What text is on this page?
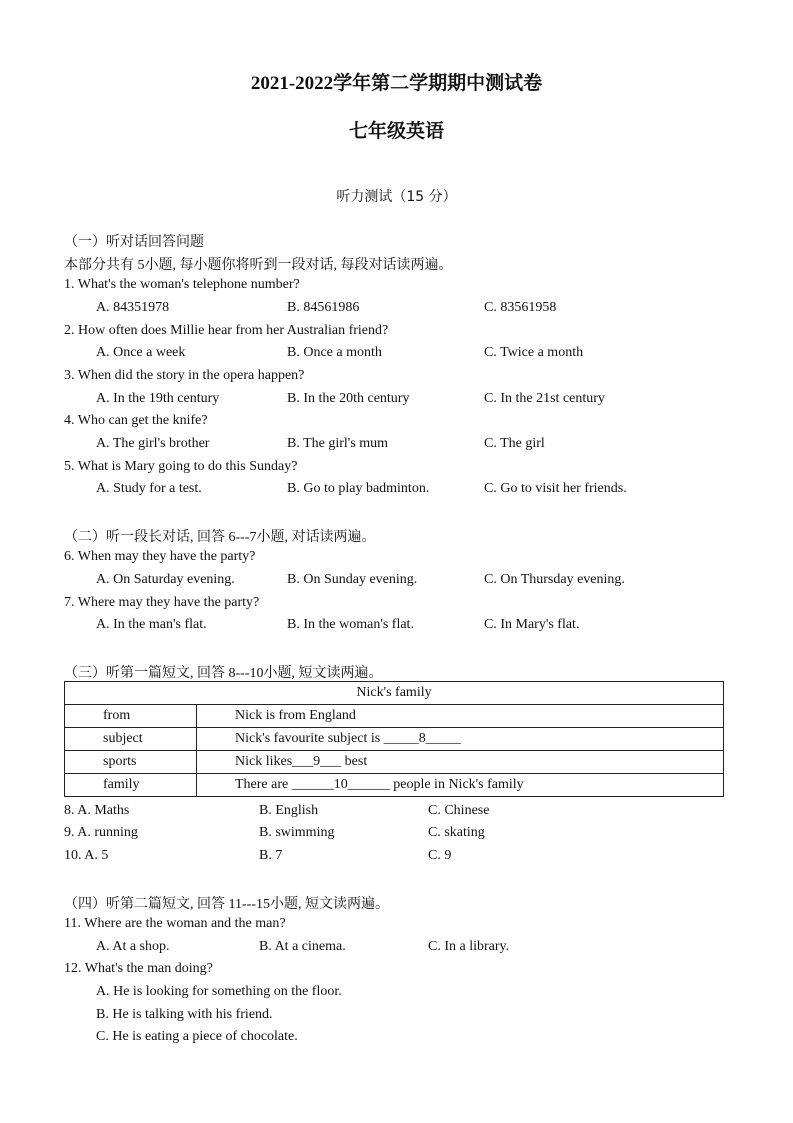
2021-2022学年第二学期期中测试卷
七年级英语
听力测试（15 分）
（一）听对话回答问题
本部分共有 5小题, 每小题你将听到一段对话, 每段对话读两遍。
1. What's the woman's telephone number?
A. 84351978	B. 84561986	C. 83561958
2. How often does Millie hear from her Australian friend?
A. Once a week	B. Once a month	C. Twice a month
3. When did the story in the opera happen?
A. In the 19th century	B. In the 20th century	C. In the 21st century
4. Who can get the knife?
A. The girl's brother	B. The girl's mum	C. The girl
5. What is Mary going to do this Sunday?
A. Study for a test.	B. Go to play badminton.	C. Go to visit her friends.
（二）听一段长对话, 回答 6---7小题, 对话读两遍。
6. When may they have the party?
A. On Saturday evening.	B. On Sunday evening.	C. On Thursday evening.
7. Where may they have the party?
A. In the man's flat.	B. In the woman's flat.	C. In Mary's flat.
（三）听第一篇短文, 回答 8---10小题, 短文读两遍。
Nick's family	
from	Nick is from England
subject	Nick's favourite subject is _____8_____
sports	Nick likes___9___ best
family	There are ______10______ people in Nick's family
8. A. Maths	B. English	C. Chinese
9. A. running	B. swimming	C. skating
10. A. 5	B. 7	C. 9
（四）听第二篇短文, 回答 11---15小题, 短文读两遍。
11. Where are the woman and the man?
A. At a shop.	B. At a cinema.	C. In a library.
12. What's the man doing?
A. He is looking for something on the floor.
B. He is talking with his friend.
C. He is eating a piece of chocolate.
